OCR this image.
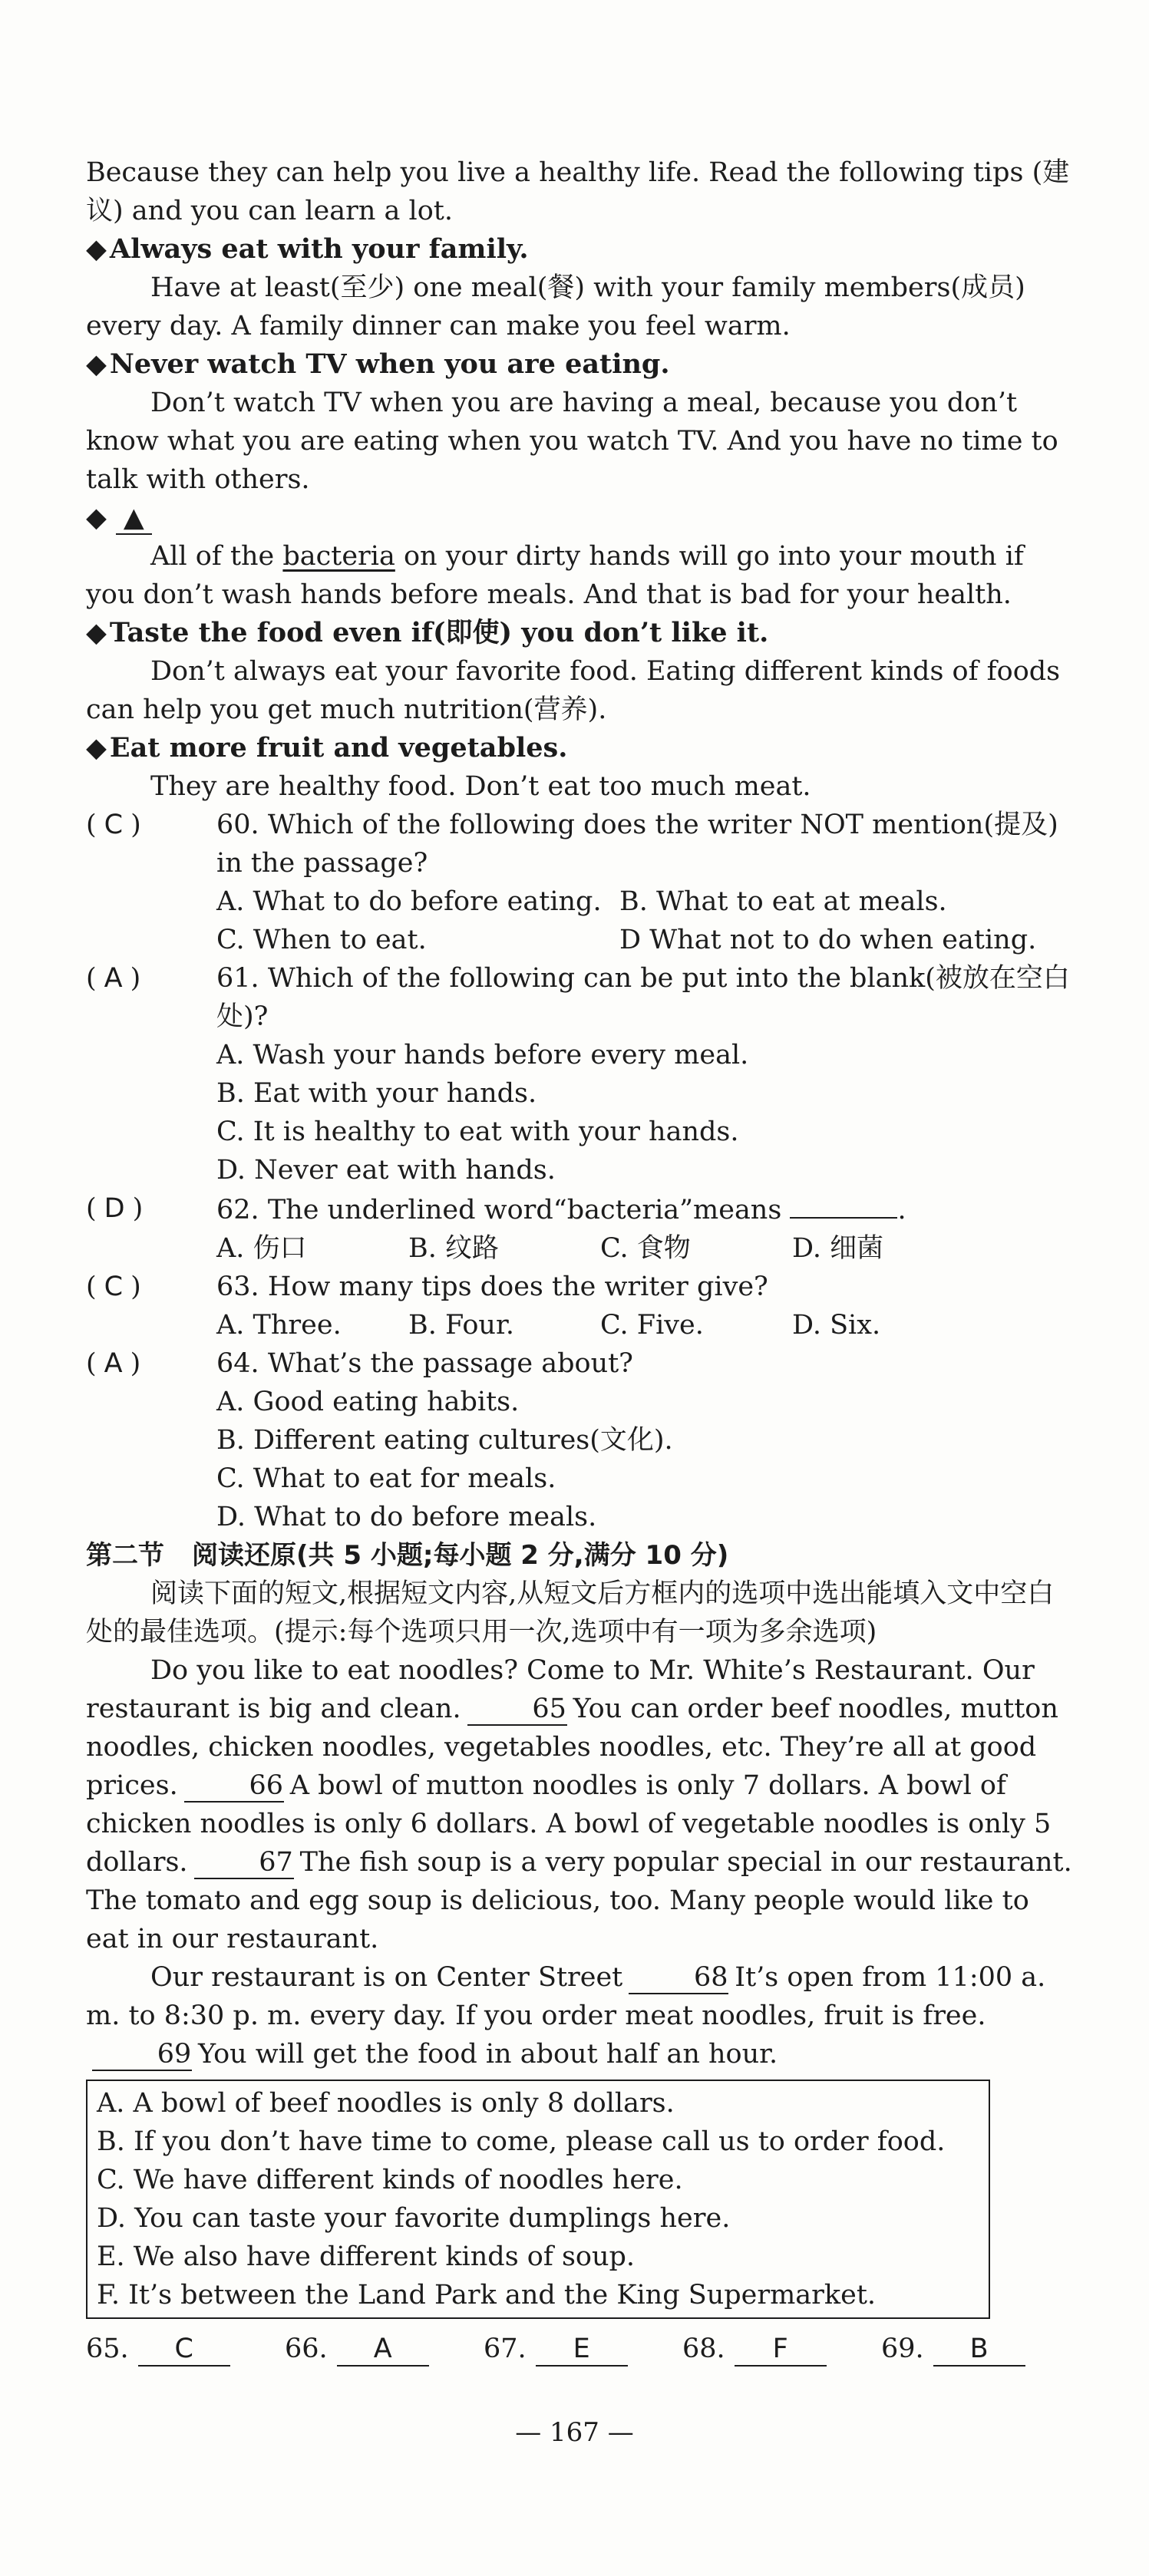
Because they can help you live a healthy life. Read the following tips (建议) and you can learn a lot.

◆ Always eat with your family.

Have at least(至少) one meal(餐) with your family members(成员) every day. A family dinner can make you feel warm.

◆ Never watch TV when you are eating.

Don’t watch TV when you are having a meal, because you don’t know what you are eating when you watch TV. And you have no time to talk with others.

◆ ▲

All of the bacteria on your dirty hands will go into your mouth if you don’t wash hands before meals. And that is bad for your health.

◆ Taste the food even if(即使) you don’t like it.

Don’t always eat your favorite food. Eating different kinds of foods can help you get much nutrition(营养).

◆ Eat more fruit and vegetables.

They are healthy food. Don’t eat too much meat.

( C )	60. Which of the following does the writer NOT mention(提及) in the passage?
A. What to do before eating. B. What to eat at meals.
C. When to eat.	D What not to do when eating.
( A )	61. Which of the following can be put into the blank(被放在空白处)?
A. Wash your hands before every meal.
B. Eat with your hands.
C. It is healthy to eat with your hands.
D. Never eat with hands.
( D )	62. The underlined word“bacteria”means	.
A. 伤口	B. 纹路	C. 食物	D. 细菌
( C )	63. How many tips does the writer give?
A. Three.	B. Four.	C. Five.	D. Six.
( A )	64. What’s the passage about?
A. Good eating habits.
B. Different eating cultures(文化).
C. What to eat for meals.
D. What to do before meals.

第二节 阅读还原(共 5 小题;每小题 2 分,满分 10 分)

阅读下面的短文,根据短文内容,从短文后方框内的选项中选出能填入文中空白处的最佳选项。(提示:每个选项只用一次,选项中有一项为多余选项)

Do you like to eat noodles? Come to Mr. White’s Restaurant. Our restaurant is big and clean.	65 You can order beef noodles, mutton noodles, chicken noodles, vegetables noodles, etc. They’re all at good prices.	66 A bowl of mutton noodles is only 7 dollars. A bowl of chicken noodles is only 6 dollars. A bowl of vegetable noodles is only 5 dollars.	67 The fish soup is a very popular special in our restaurant. The tomato and egg soup is delicious, too. Many people would like to eat in our restaurant.

Our restaurant is on Center Street	68 It’s open from 11:00 a. m. to 8:30 p. m. every day. If you order meat noodles, fruit is free.69 You will get the food in about half an hour.

A. A bowl of beef noodles is only 8 dollars.
B. If you don’t have time to come, please call us to order food.
C. We have different kinds of noodles here.
D. You can taste your favorite dumplings here.
E. We also have different kinds of soup.
F. It’s between the Land Park and the King Supermarket.
65.	C	66.	A	67.	E	68.	F	69.	B
— 167 —
